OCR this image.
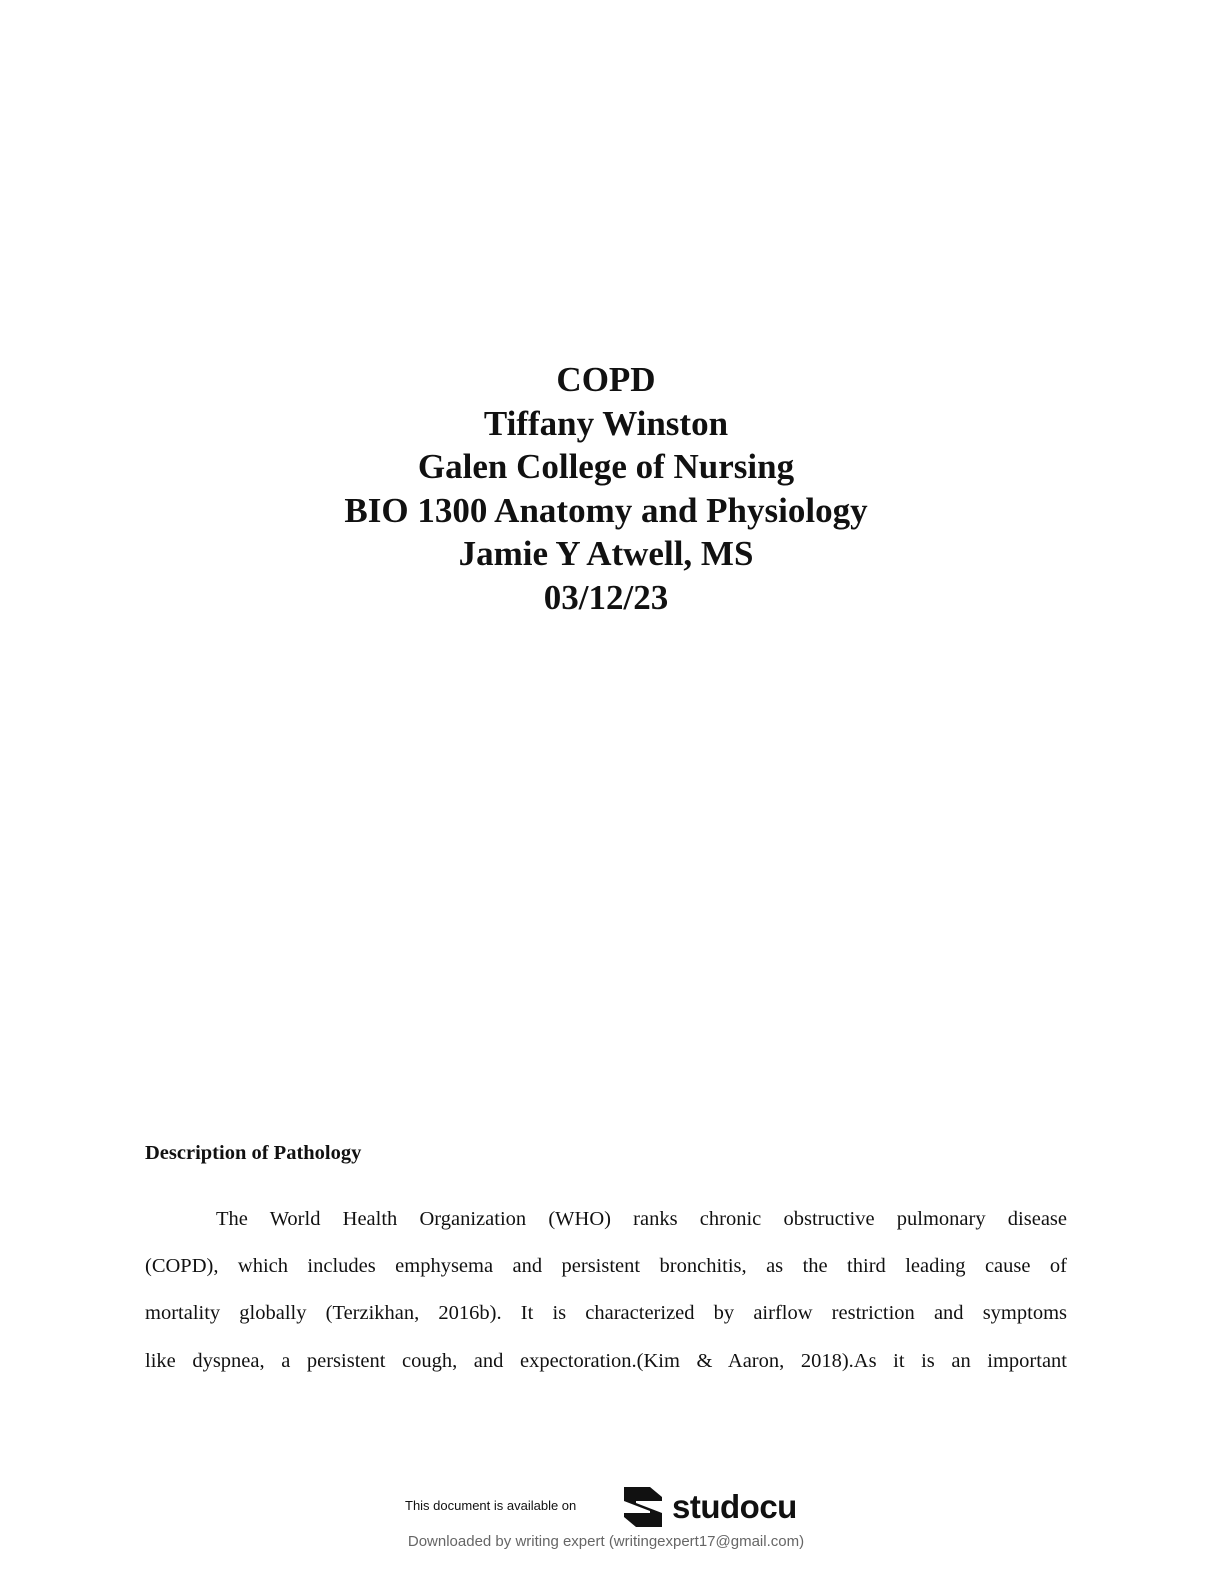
COPD
Tiffany Winston
Galen College of Nursing
BIO 1300 Anatomy and Physiology
Jamie Y Atwell, MS
03/12/23
Description of Pathology
The World Health Organization (WHO) ranks chronic obstructive pulmonary disease
(COPD), which includes emphysema and persistent bronchitis, as the third leading cause of
mortality globally (Terzikhan, 2016b). It is characterized by airflow restriction and symptoms
like dyspnea, a persistent cough, and expectoration.(Kim & Aaron, 2018).As it is an important
This document is available on	studocu
Downloaded by writing expert (writingexpert17@gmail.com)
